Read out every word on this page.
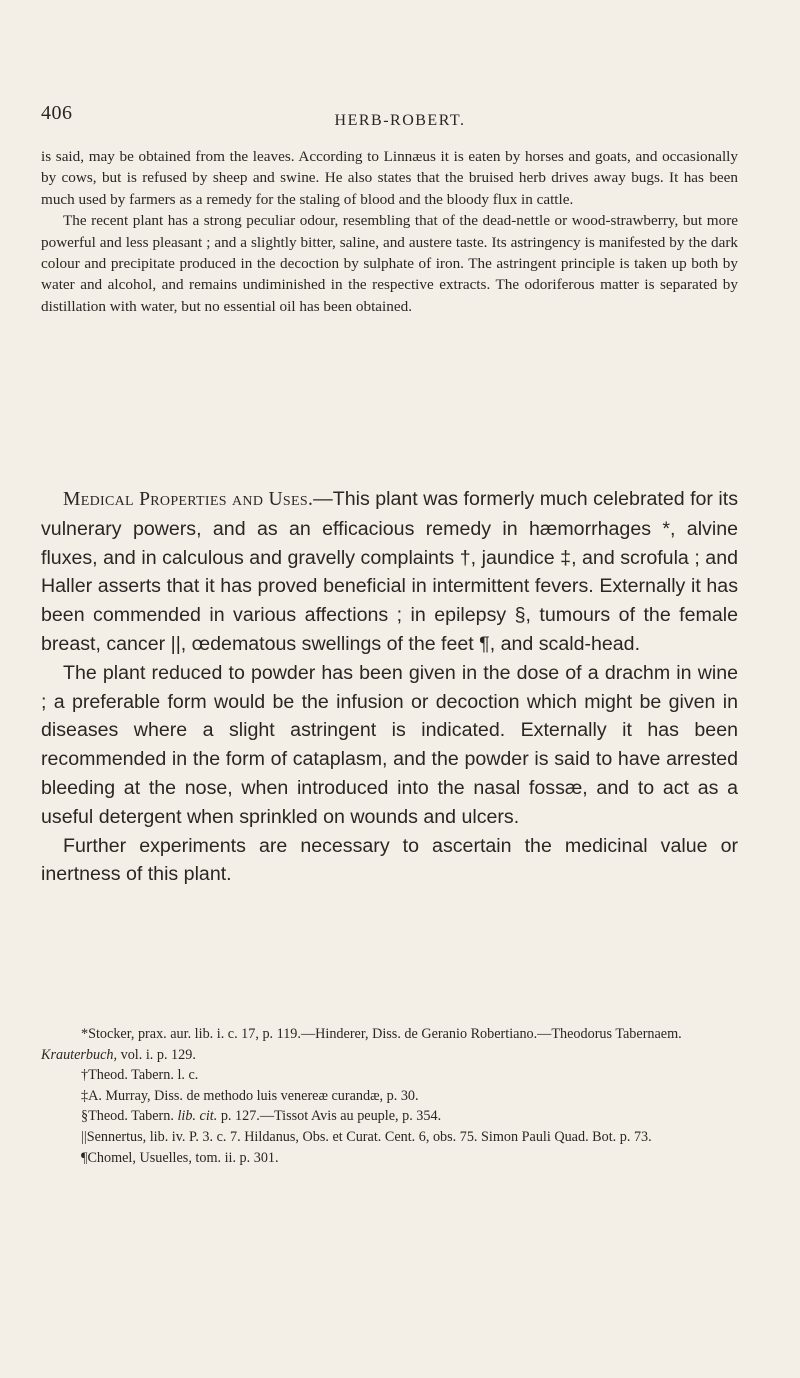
406	HERB-ROBERT.

is said, may be obtained from the leaves. According to Linnæus it is eaten by horses and goats, and occasionally by cows, but is refused by sheep and swine. He also states that the bruised herb drives away bugs. It has been much used by farmers as a remedy for the staling of blood and the bloody flux in cattle.

The recent plant has a strong peculiar odour, resembling that of the dead-nettle or wood-strawberry, but more powerful and less pleasant ; and a slightly bitter, saline, and austere taste. Its astringency is manifested by the dark colour and precipitate produced in the decoction by sulphate of iron. The astringent principle is taken up both by water and alcohol, and remains undiminished in the respective extracts. The odoriferous matter is separated by distillation with water, but no essential oil has been obtained.

Medical Properties and Uses.—This plant was formerly much celebrated for its vulnerary powers, and as an efficacious remedy in hæmorrhages *, alvine fluxes, and in calculous and gravelly complaints †, jaundice ‡, and scrofula ; and Haller asserts that it has proved beneficial in intermittent fevers. Externally it has been commended in various affections ; in epilepsy §, tumours of the female breast, cancer ||, œdematous swellings of the feet ¶, and scald-head.

The plant reduced to powder has been given in the dose of a drachm in wine ; a preferable form would be the infusion or decoction which might be given in diseases where a slight astringent is indicated. Externally it has been recommended in the form of cataplasm, and the powder is said to have arrested bleeding at the nose, when introduced into the nasal fossæ, and to act as a useful detergent when sprinkled on wounds and ulcers.

Further experiments are necessary to ascertain the medicinal value or inertness of this plant.

*Stocker, prax. aur. lib. i. c. 17, p. 119.—Hinderer, Diss. de Geranio Robertiano.—Theodorus Tabernaem. Krauterbuch, vol. i. p. 129.

†Theod. Tabern. l. c.

‡A. Murray, Diss. de methodo luis venereæ curandæ, p. 30.

§Theod. Tabern. lib. cit. p. 127.—Tissot Avis au peuple, p. 354.

||Sennertus, lib. iv. P. 3. c. 7. Hildanus, Obs. et Curat. Cent. 6, obs. 75. Simon Pauli Quad. Bot. p. 73.

¶Chomel, Usuelles, tom. ii. p. 301.
